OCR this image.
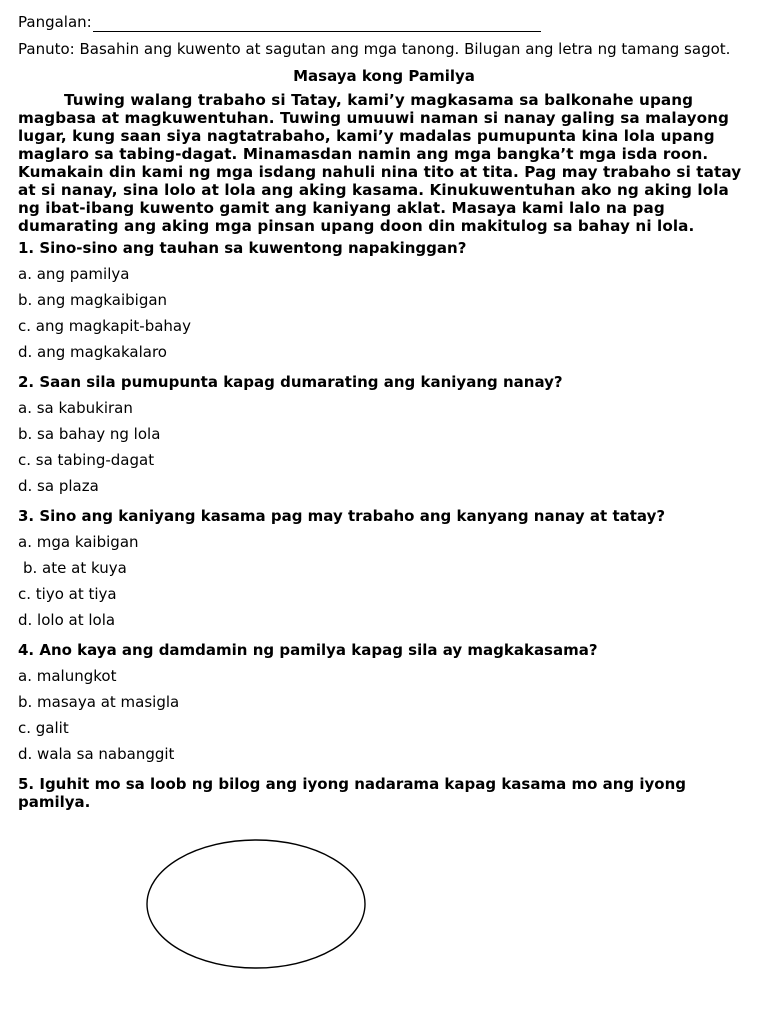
Pangalan:

Panuto: Basahin ang kuwento at sagutan ang mga tanong. Bilugan ang letra ng tamang sagot.

Masaya kong Pamilya

Tuwing walang trabaho si Tatay, kami’y magkasama sa balkonahe upang magbasa at magkuwentuhan. Tuwing umuuwi naman si nanay galing sa malayong lugar, kung saan siya nagtatrabaho, kami’y madalas pumupunta kina lola upang maglaro sa tabing-dagat. Minamasdan namin ang mga bangka’t mga isda roon. Kumakain din kami ng mga isdang nahuli nina tito at tita. Pag may trabaho si tatay at si nanay, sina lolo at lola ang aking kasama. Kinukuwentuhan ako ng aking lola ng ibat-ibang kuwento gamit ang kaniyang aklat. Masaya kami lalo na pag dumarating ang aking mga pinsan upang doon din makitulog sa bahay ni lola.

1. Sino-sino ang tauhan sa kuwentong napakinggan?

a. ang pamilya

b. ang magkaibigan

c. ang magkapit-bahay

d. ang magkakalaro

2. Saan sila pumupunta kapag dumarating ang kaniyang nanay?

a. sa kabukiran

b. sa bahay ng lola

c. sa tabing-dagat

d. sa plaza

3. Sino ang kaniyang kasama pag may trabaho ang kanyang nanay at tatay?

a. mga kaibigan

b. ate at kuya

c. tiyo at tiya

d. lolo at lola

4. Ano kaya ang damdamin ng pamilya kapag sila ay magkakasama?

a. malungkot

b. masaya at masigla

c. galit

d. wala sa nabanggit

5. Iguhit mo sa loob ng bilog ang iyong nadarama kapag kasama mo ang iyong pamilya.
